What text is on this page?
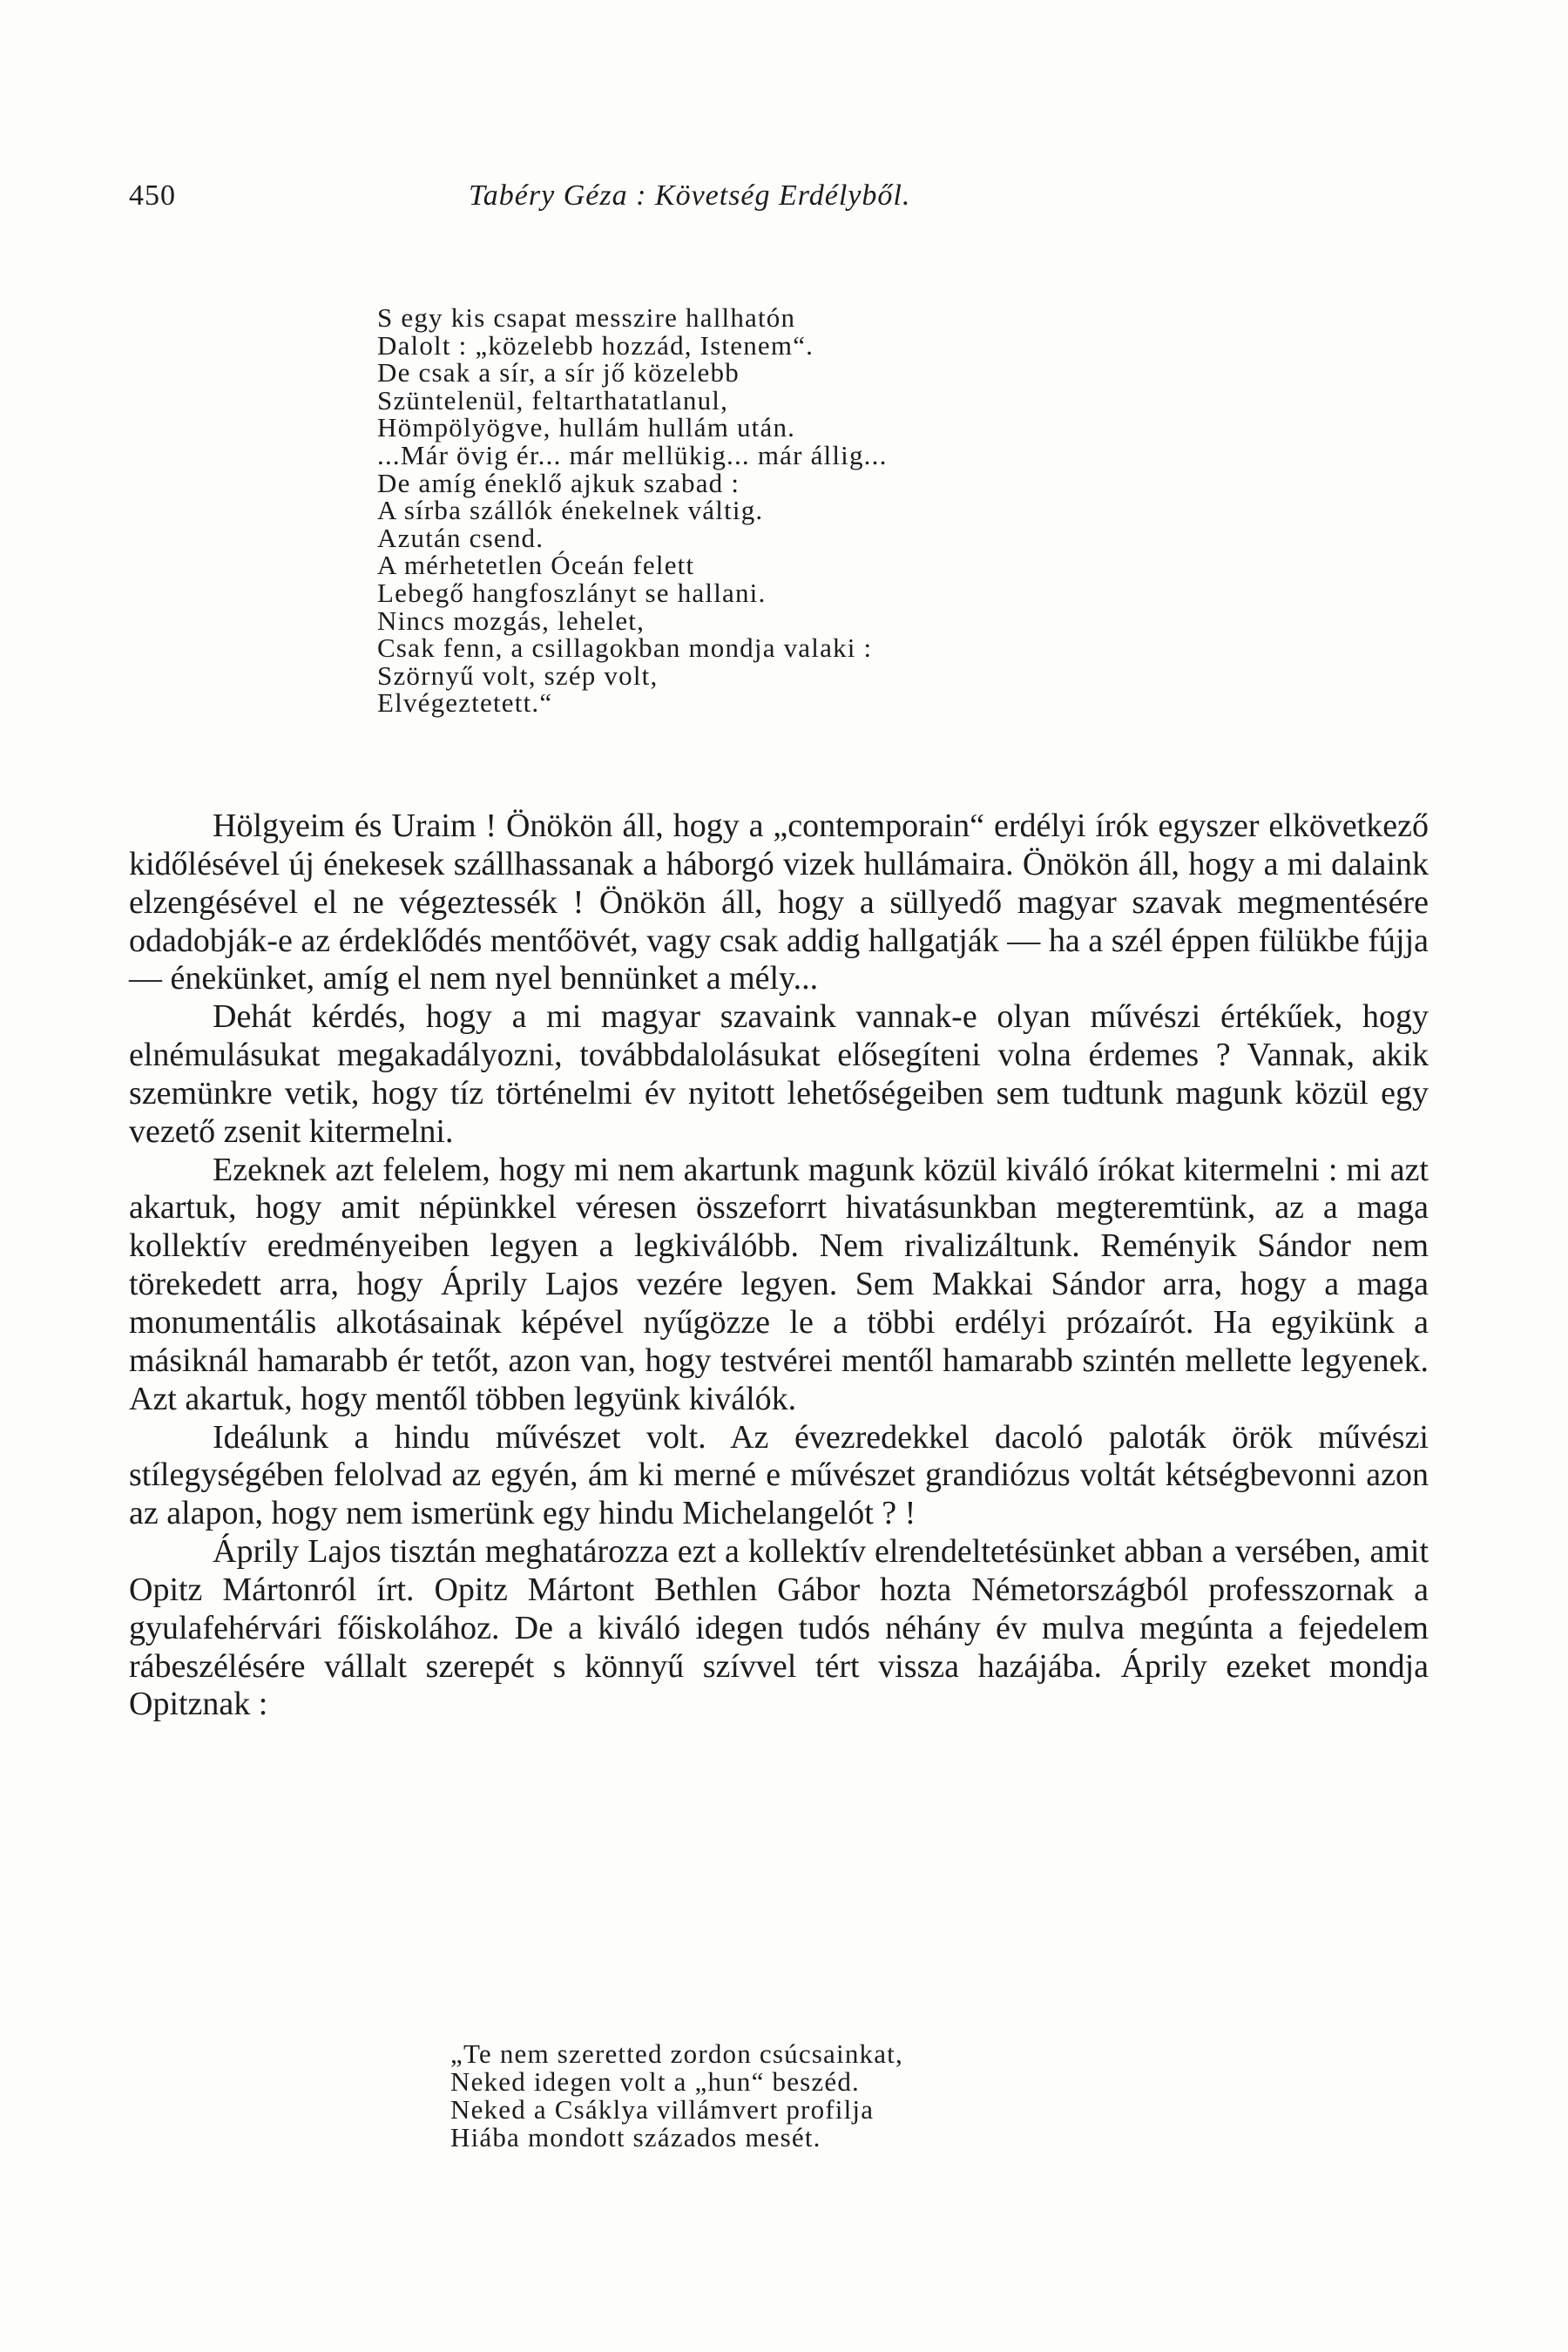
450	Tabéry Géza : Követség Erdélyből.
S egy kis csapat messzire hallhatón
Dalolt : „közelebb hozzád, Istenem“.
De csak a sír, a sír jő közelebb
Szüntelenül, feltarthatatlanul,
Hömpölyögve, hullám hullám után.
...Már övig ér... már mellükig... már állig...
De amíg éneklő ajkuk szabad :
A sírba szállók énekelnek váltig.
Azután csend.
A mérhetetlen Óceán felett
Lebegő hangfoszlányt se hallani.
Nincs mozgás, lehelet,
Csak fenn, a csillagokban mondja valaki :
Szörnyű volt, szép volt,
Elvégeztetett.“

Hölgyeim és Uraim ! Önökön áll, hogy a „contemporain“ erdélyi írók egyszer elkövetkező kidőlésével új énekesek szállhassanak a háborgó vizek hullámaira. Önökön áll, hogy a mi dalaink elzengésével el ne végeztessék ! Önökön áll, hogy a süllyedő magyar szavak megmentésére odadobják-e az érdeklődés mentőövét, vagy csak addig hallgatják — ha a szél éppen fülükbe fújja — énekünket, amíg el nem nyel bennünket a mély...

Dehát kérdés, hogy a mi magyar szavaink vannak-e olyan művészi értékűek, hogy elnémulásukat megakadályozni, továbbdalolásukat elősegíteni volna érdemes ? Vannak, akik szemünkre vetik, hogy tíz történelmi év nyitott lehetőségeiben sem tudtunk magunk közül egy vezető zsenit kitermelni.

Ezeknek azt felelem, hogy mi nem akartunk magunk közül kiváló írókat kitermelni : mi azt akartuk, hogy amit népünkkel véresen összeforrt hivatásunkban megteremtünk, az a maga kollektív eredményeiben legyen a legkiválóbb. Nem rivalizáltunk. Reményik Sándor nem törekedett arra, hogy Áprily Lajos vezére legyen. Sem Makkai Sándor arra, hogy a maga monumentális alkotásainak képével nyűgözze le a többi erdélyi prózaírót. Ha egyikünk a másiknál hamarabb ér tetőt, azon van, hogy testvérei mentől hamarabb szintén mellette legyenek. Azt akartuk, hogy mentől többen legyünk kiválók.

Ideálunk a hindu művészet volt. Az évezredekkel dacoló paloták örök művészi stílegységében felolvad az egyén, ám ki merné e művészet grandiózus voltát kétségbevonni azon az alapon, hogy nem ismerünk egy hindu Michelangelót ? !

Áprily Lajos tisztán meghatározza ezt a kollektív elrendeltetésünket abban a versében, amit Opitz Mártonról írt. Opitz Mártont Bethlen Gábor hozta Németországból professzornak a gyulafehérvári főiskolához. De a kiváló idegen tudós néhány év mulva megúnta a fejedelem rábeszélésére vállalt szerepét s könnyű szívvel tért vissza hazájába. Áprily ezeket mondja Opitznak :

„Te nem szeretted zordon csúcsainkat,
Neked idegen volt a „hun“ beszéd.
Neked a Csáklya villámvert profilja
Hiába mondott százados mesét.
